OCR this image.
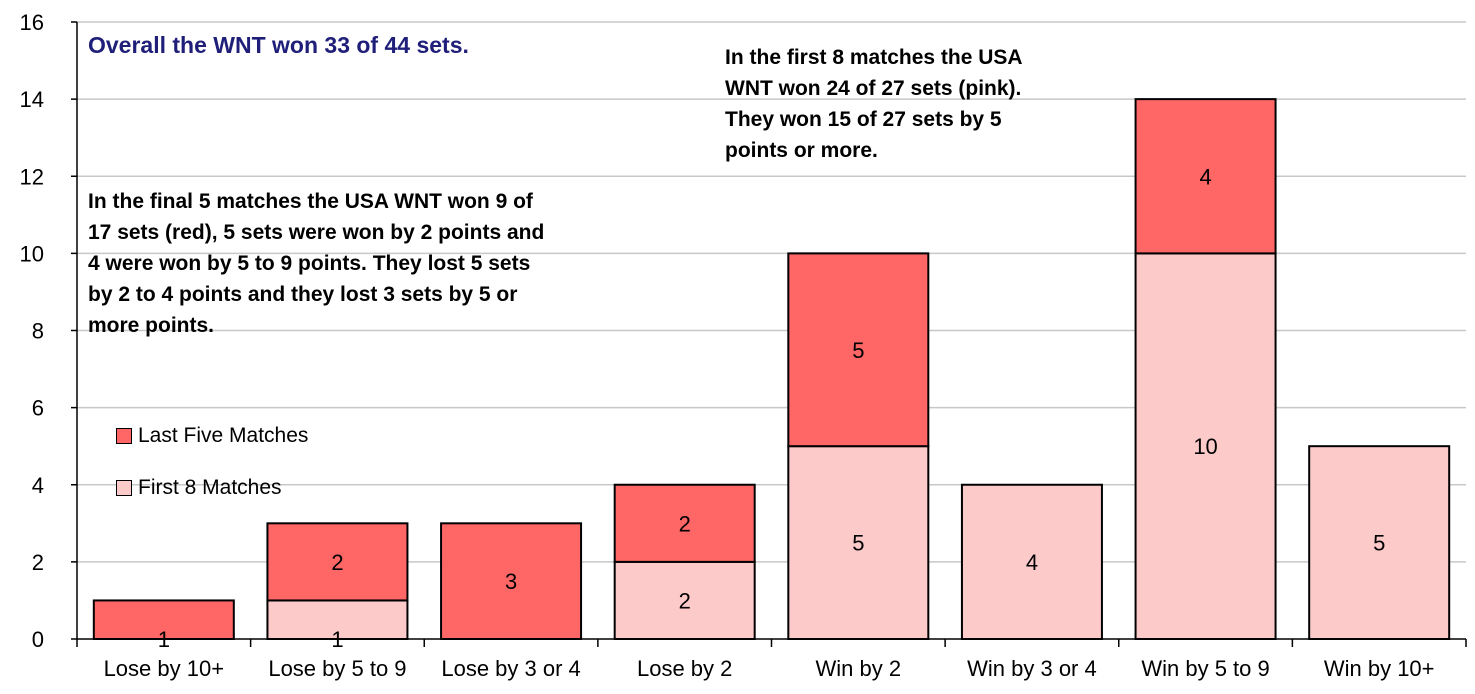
0
2
4
6
8
10
12
14
16
Lose by 10+ Lose by 5 to 9 Lose by 3 or 4	Lose by 2	Win by 2	Win by 3 or 4 Win by 5 to 9 Win by 10+
1	1
2
3
2
2
5
5
4
10
4
5
Overall the WNT won 33 of 44 sets.	In the first 8 matches the USA
WNT won 24 of 27 sets (pink).
They won 15 of 27 sets by 5
points or more.
In the final 5 matches the USA WNT won 9 of
17 sets (red), 5 sets were won by 2 points and
4 were won by 5 to 9 points. They lost 5 sets
by 2 to 4 points and they lost 3 sets by 5 or
more points.
Last Five Matches
First 8 Matches
